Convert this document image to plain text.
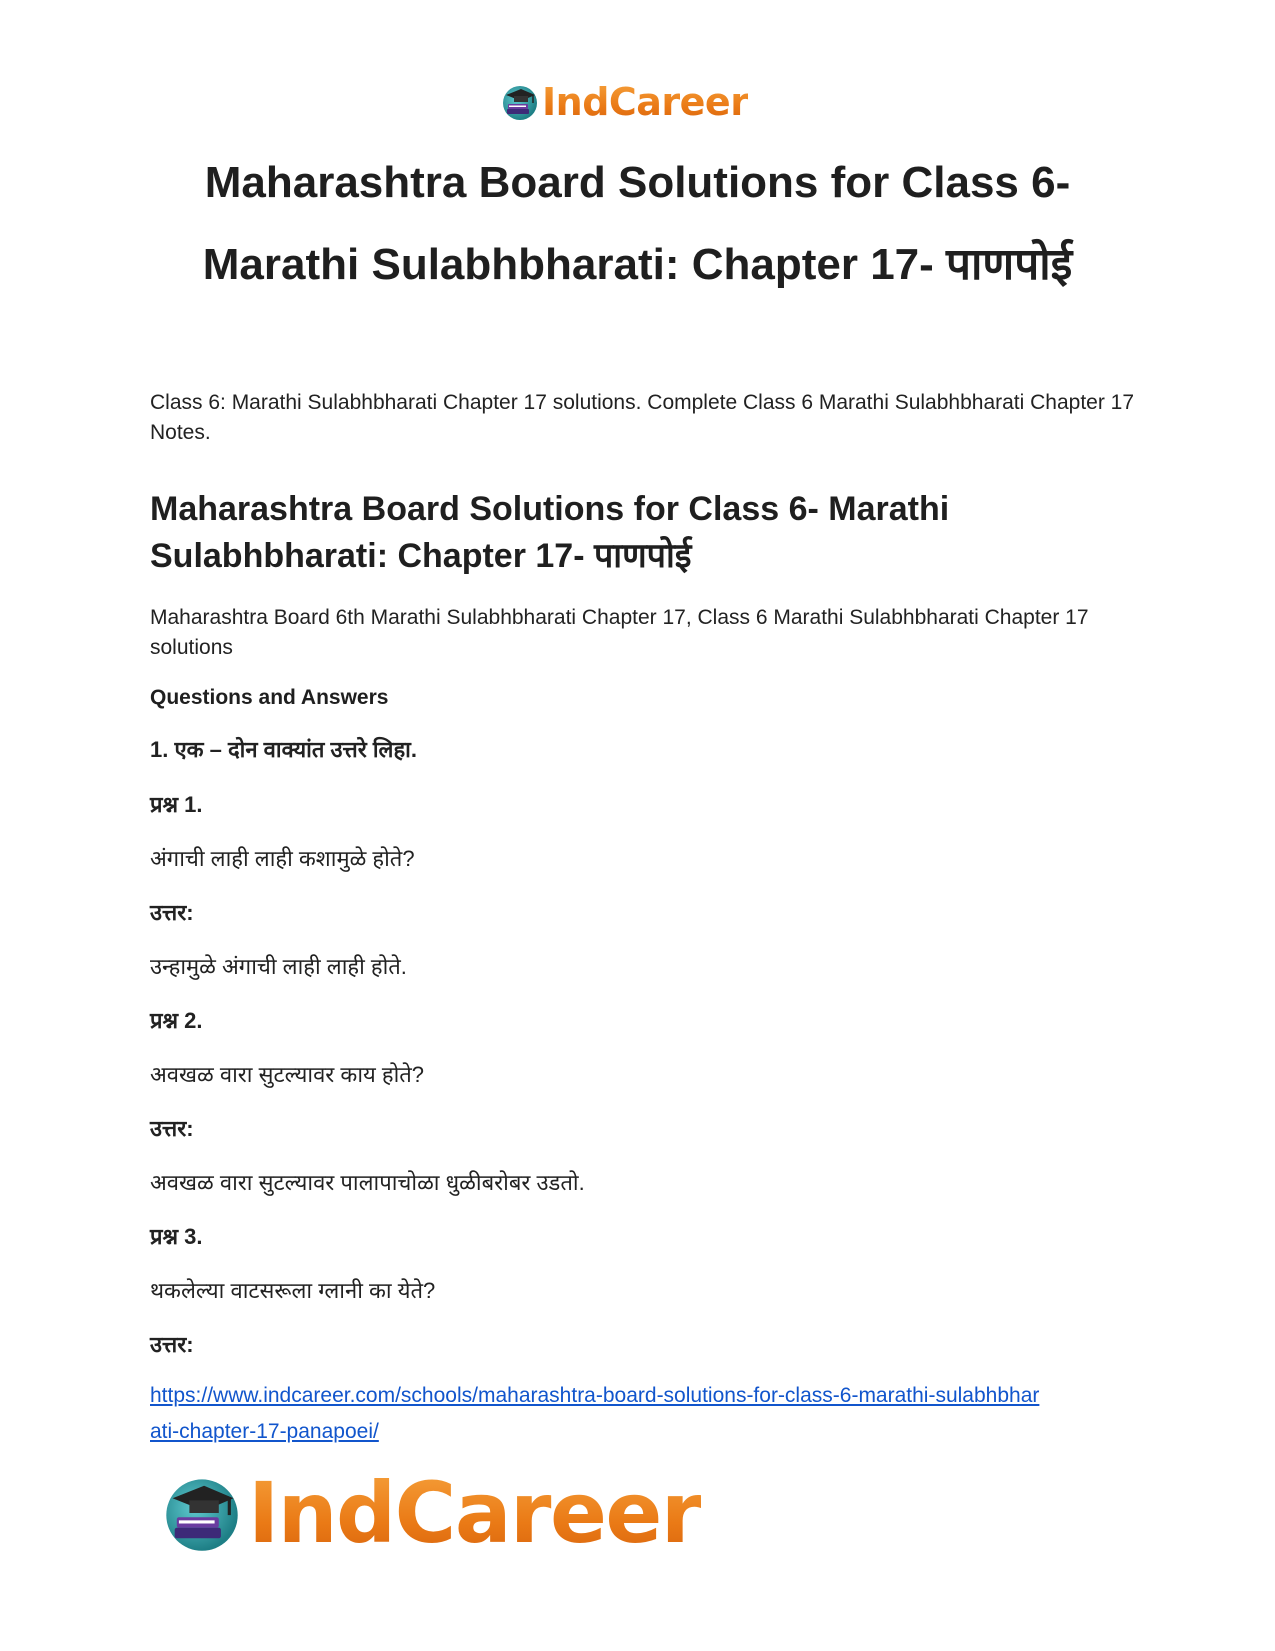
IndCareer
Maharashtra Board Solutions for Class 6-
Marathi Sulabhbharati: Chapter 17- पाणपोई

Class 6: Marathi Sulabhbharati Chapter 17 solutions. Complete Class 6 Marathi Sulabhbharati Chapter 17 Notes.

Maharashtra Board Solutions for Class 6- Marathi Sulabhbharati: Chapter 17- पाणपोई

Maharashtra Board 6th Marathi Sulabhbharati Chapter 17, Class 6 Marathi Sulabhbharati Chapter 17 solutions

Questions and Answers

1. एक – दोन वाक्यांत उत्तरे लिहा.

प्रश्न 1.

अंगाची लाही लाही कशामुळे होते?

उत्तर:

उन्हामुळे अंगाची लाही लाही होते.

प्रश्न 2.

अवखळ वारा सुटल्यावर काय होते?

उत्तर:

अवखळ वारा सुटल्यावर पालापाचोळा धुळीबरोबर उडतो.

प्रश्न 3.

थकलेल्या वाटसरूला ग्लानी का येते?

उत्तर:

https://www.indcareer.com/schools/maharashtra-board-solutions-for-class-6-marathi-sulabhbhar
ati-chapter-17-panapoei/
IndCareer
